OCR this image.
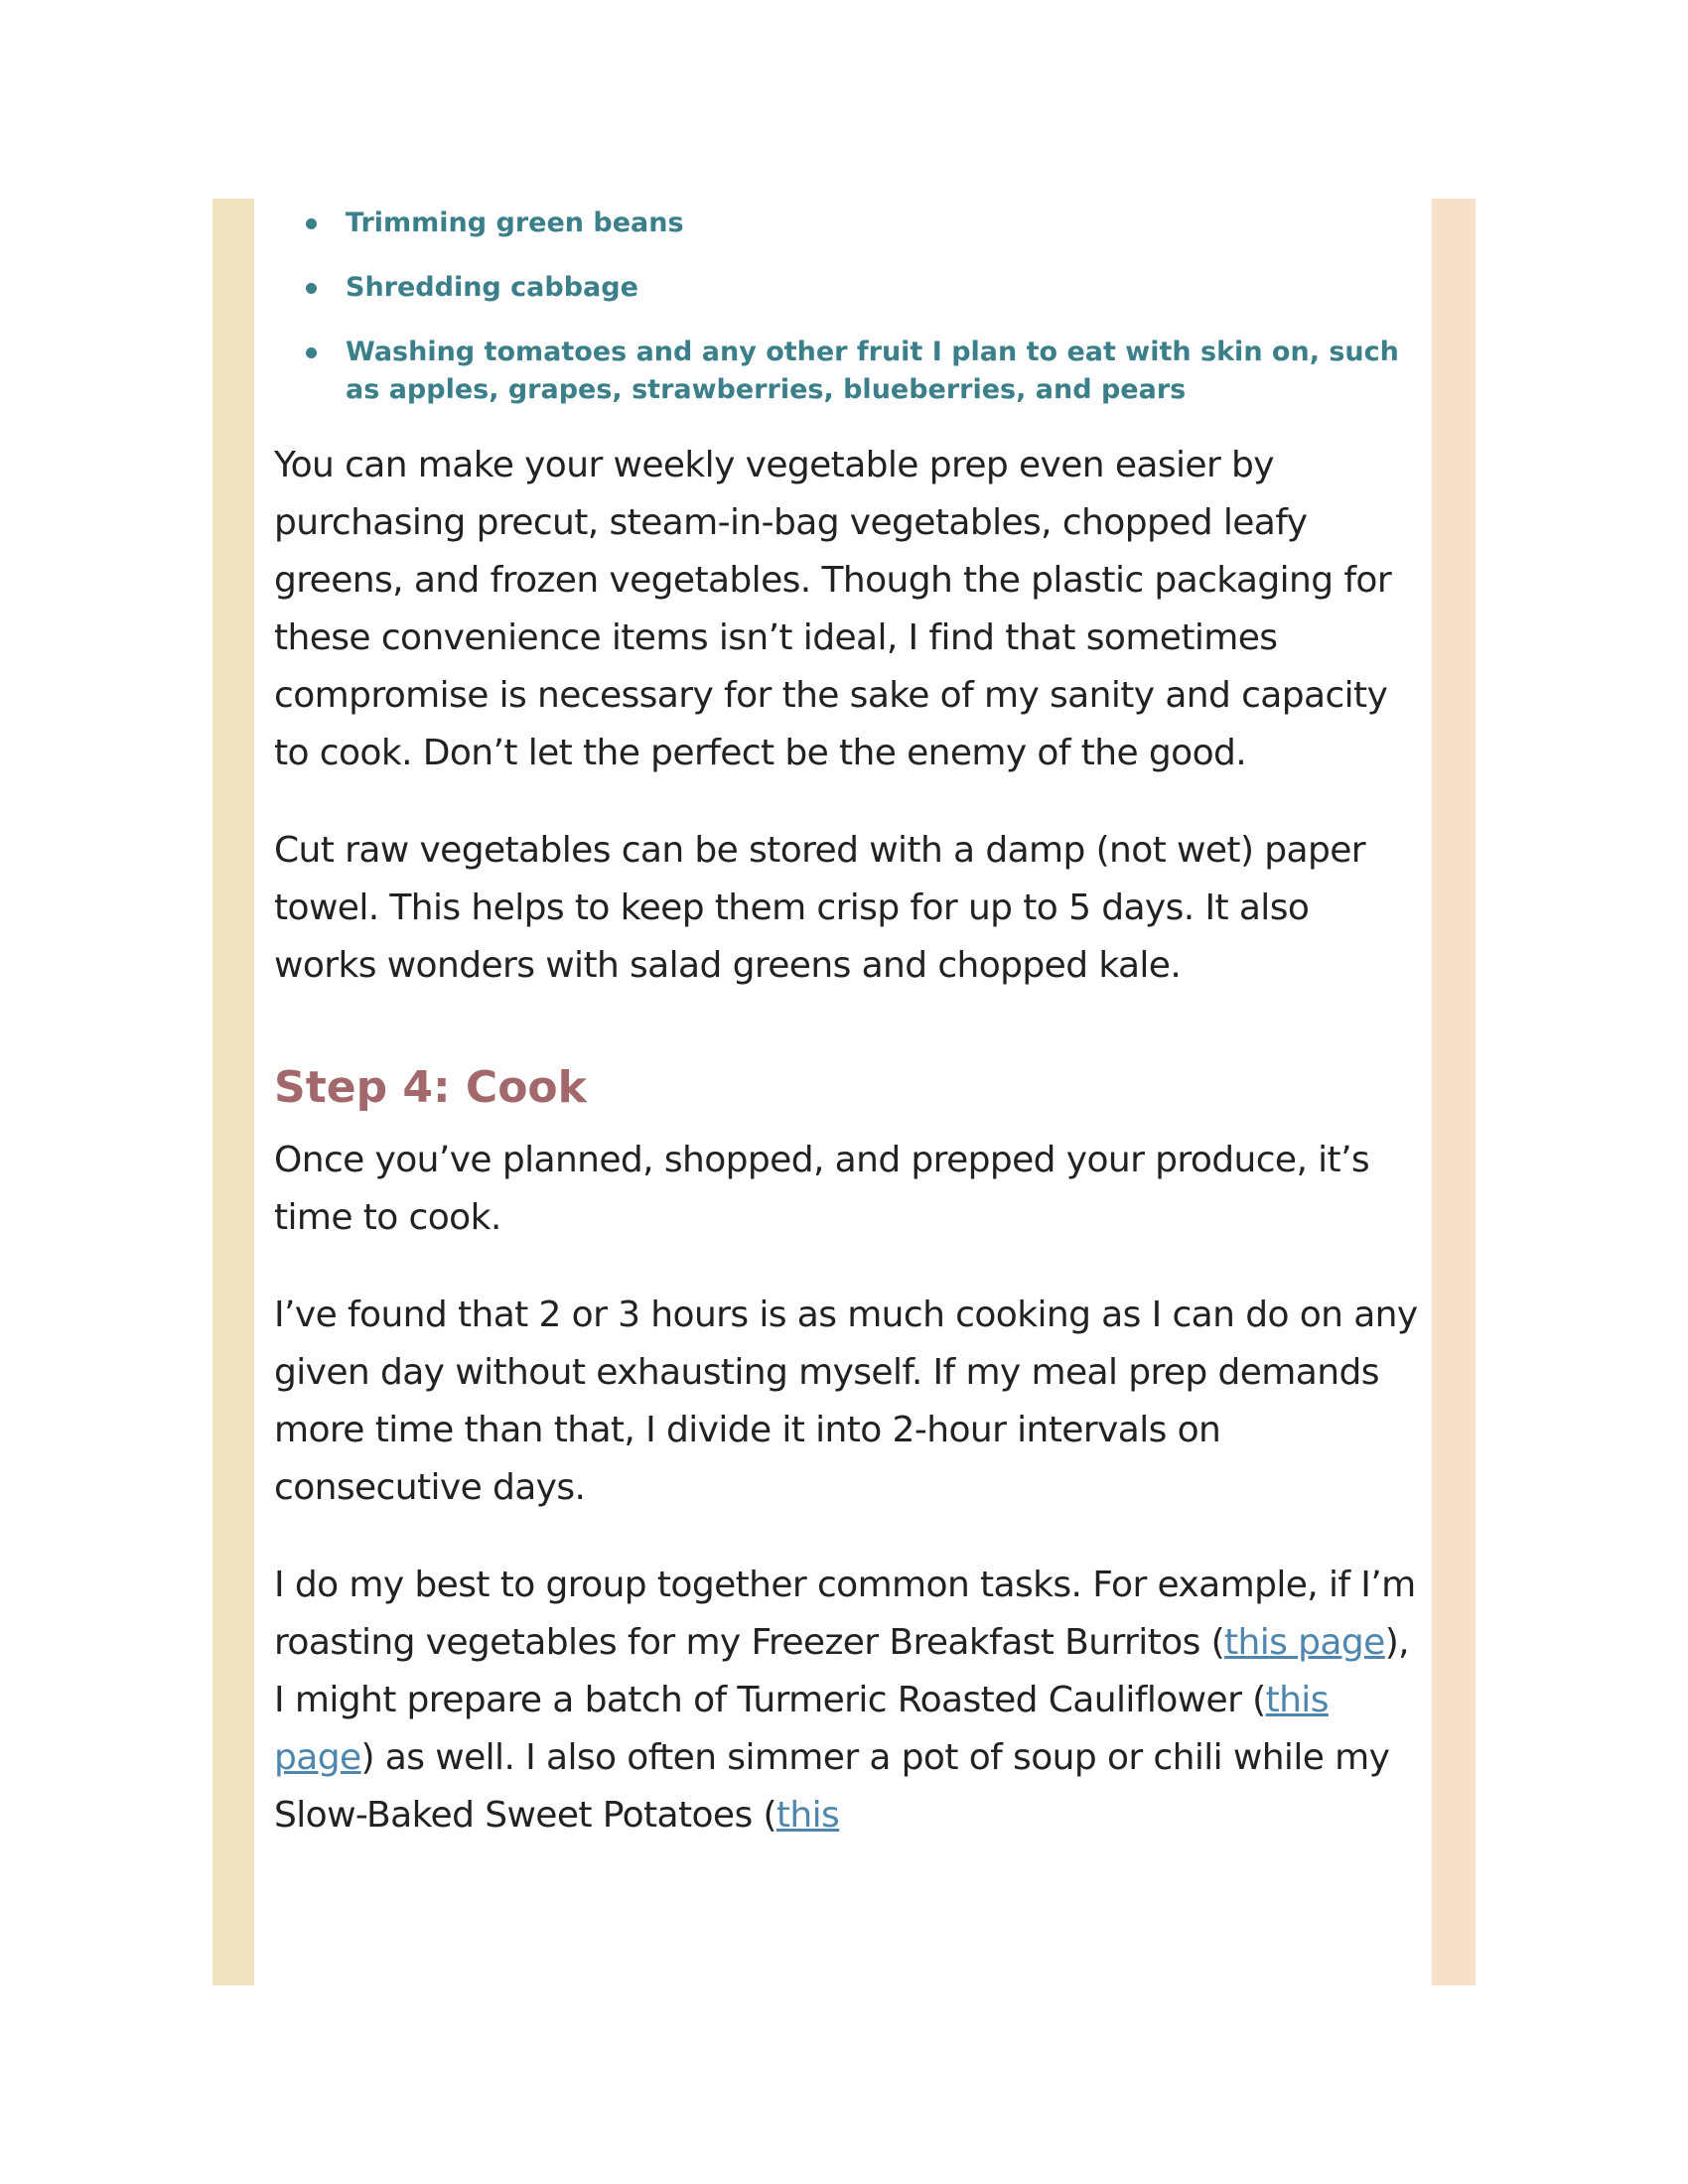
Trimming green beans
Shredding cabbage
Washing tomatoes and any other fruit I plan to eat with skin on, such as apples, grapes, strawberries, blueberries, and pears

You can make your weekly vegetable prep even easier by purchasing precut, steam-in-bag vegetables, chopped leafy greens, and frozen vegetables. Though the plastic packaging for these convenience items isn’t ideal, I find that sometimes compromise is necessary for the sake of my sanity and capacity to cook. Don’t let the perfect be the enemy of the good.

Cut raw vegetables can be stored with a damp (not wet) paper towel. This helps to keep them crisp for up to 5 days. It also works wonders with salad greens and chopped kale.

Step 4: Cook

Once you’ve planned, shopped, and prepped your produce, it’s time to cook.

I’ve found that 2 or 3 hours is as much cooking as I can do on any given day without exhausting myself. If my meal prep demands more time than that, I divide it into 2-hour intervals on consecutive days.

I do my best to group together common tasks. For example, if I’m roasting vegetables for my Freezer Breakfast Burritos (this page), I might prepare a batch of Turmeric Roasted Cauliflower (this page) as well. I also often simmer a pot of soup or chili while my Slow-Baked Sweet Potatoes (this
